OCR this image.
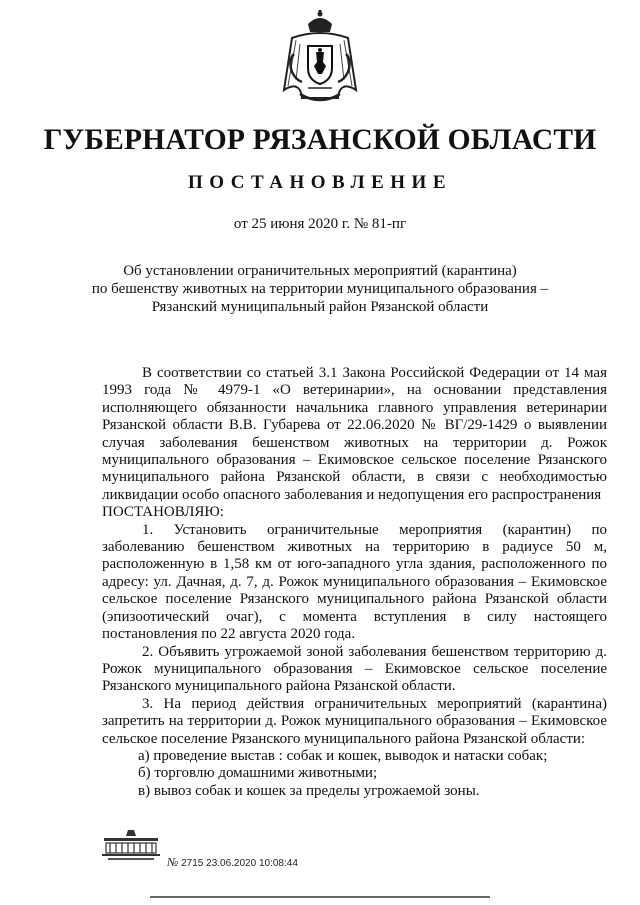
ГУБЕРНАТОР РЯЗАНСКОЙ ОБЛАСТИ
ПОСТАНОВЛЕНИЕ
от 25 июня 2020 г. № 81-пг
Об установлении ограничительных мероприятий (карантина)
по бешенству животных на территории муниципального образования –
Рязанский муниципальный район Рязанской области

В соответствии со статьей 3.1 Закона Российской Федерации от 14 мая 1993 года № 4979-1 «О ветеринарии», на основании представления исполняющего обязанности начальника главного управления ветеринарии Рязанской области В.В. Губарева от 22.06.2020 № ВГ/29-1429 о выявлении случая заболевания бешенством животных на территории д. Рожок муниципального образования – Екимовское сельское поселение Рязанского муниципального района Рязанской области, в связи с необходимостью ликвидации особо опасного заболевания и недопущения его распространения

ПОСТАНОВЛЯЮ:

1. Установить ограничительные мероприятия (карантин) по заболеванию бешенством животных на территорию в радиусе 50 м, расположенную в 1,58 км от юго-западного угла здания, расположенного по адресу: ул. Дачная, д. 7, д. Рожок муниципального образования – Екимовское сельское поселение Рязанского муниципального района Рязанской области (эпизоотический очаг), с момента вступления в силу настоящего постановления по 22 августа 2020 года.

2. Объявить угрожаемой зоной заболевания бешенством территорию д. Рожок муниципального образования – Екимовское сельское поселение Рязанского муниципального района Рязанской области.

3. На период действия ограничительных мероприятий (карантина) запретить на территории д. Рожок муниципального образования – Екимовское сельское поселение Рязанского муниципального района Рязанской области:

а) проведение выстав : собак и кошек, выводок и натаски собак;

б) торговлю домашними животными;

в) вывоз собак и кошек за пределы угрожаемой зоны.

№ 2715 23.06.2020 10:08:44
